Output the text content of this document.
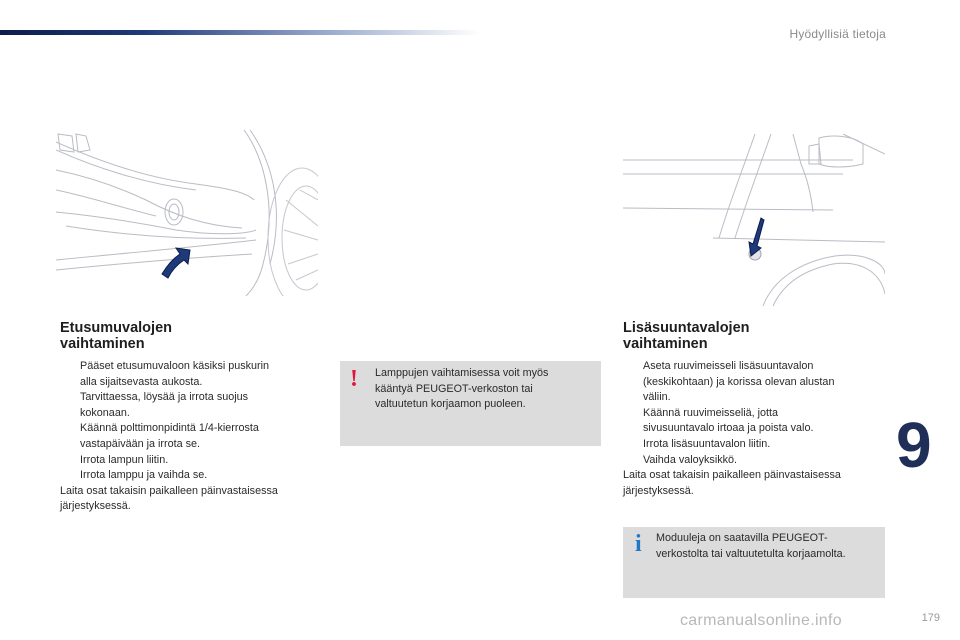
Hyödyllisiä tietoja
Etusumuvalojen
vaihtaminen
Pääset etusumuvaloon käsiksi puskurin
alla sijaitsevasta aukosta.
Tarvittaessa, löysää ja irrota suojus
kokonaan.
Käännä polttimonpidintä 1/4-kierrosta
vastapäivään ja irrota se.
Irrota lampun liitin.
Irrota lamppu ja vaihda se.
Laita osat takaisin paikalleen päinvastaisessa
järjestyksessä.
! Lamppujen vaihtamisessa voit myös
kääntyä PEUGEOT-verkoston tai
valtuutetun korjaamon puoleen.
Lisäsuuntavalojen
vaihtaminen
Aseta ruuvimeisseli lisäsuuntavalon
(keskikohtaan) ja korissa olevan alustan
väliin.
Käännä ruuvimeisseliä, jotta
sivusuuntavalo irtoaa ja poista valo.
Irrota lisäsuuntavalon liitin.
Vaihda valoyksikkö.
Laita osat takaisin paikalleen päinvastaisessa
järjestyksessä.
i Moduuleja on saatavilla PEUGEOT-
verkostolta tai valtuutetulta korjaamolta.
9
carmanualsonline.info	179
